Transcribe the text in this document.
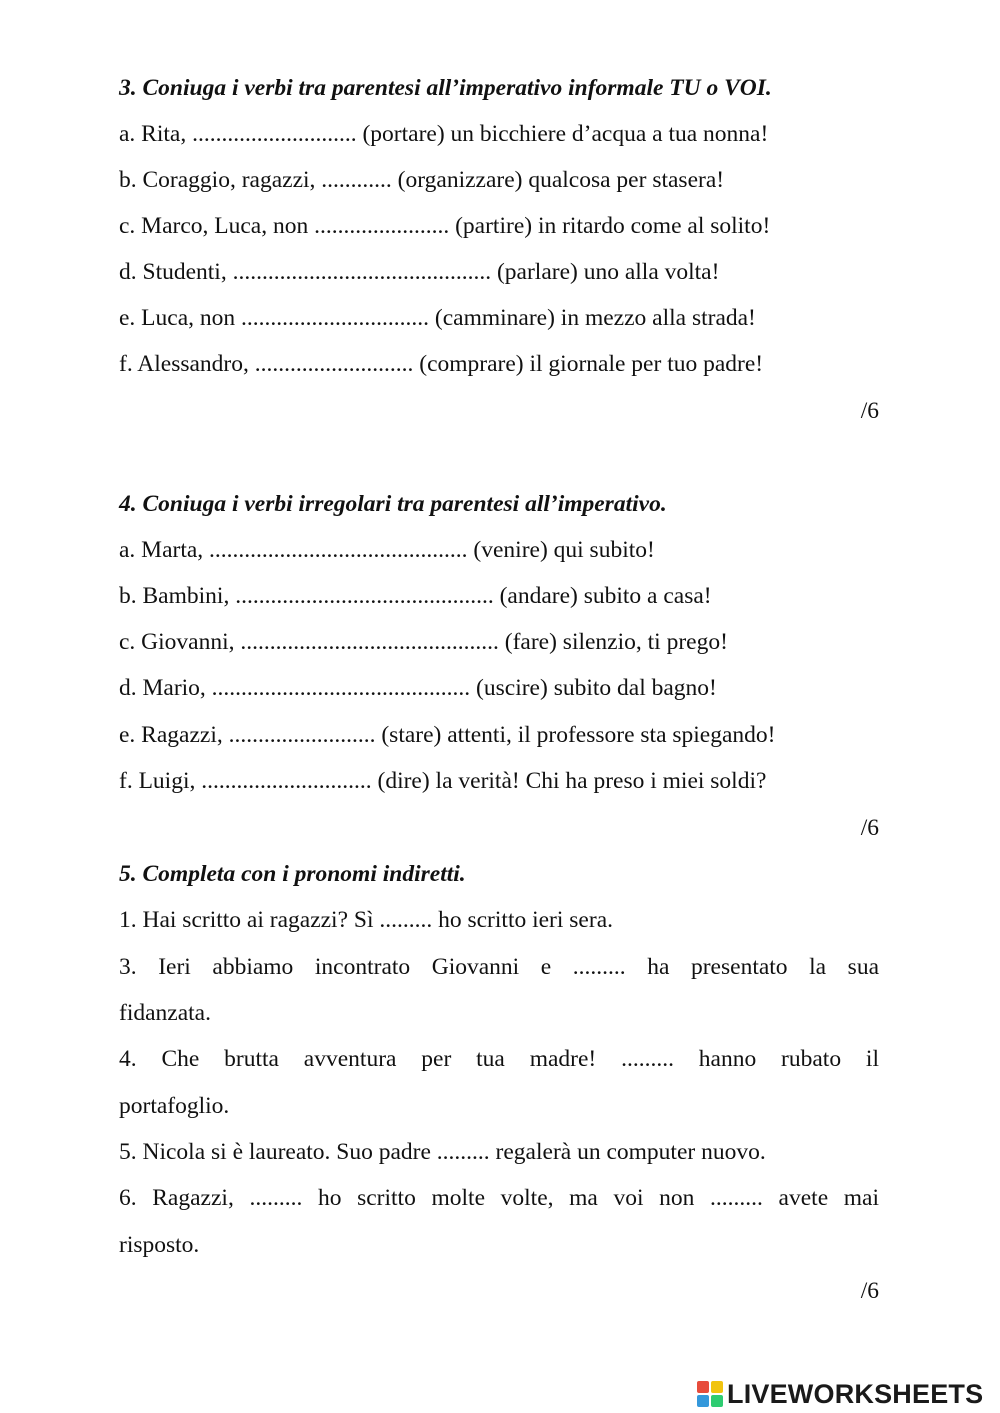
3. Coniuga i verbi tra parentesi all’imperativo informale TU o VOI.
a. Rita, ............................ (portare) un bicchiere d’acqua a tua nonna!
b. Coraggio, ragazzi, ............ (organizzare) qualcosa per stasera!
c. Marco, Luca, non ....................... (partire) in ritardo come al solito!
d. Studenti, ............................................ (parlare) uno alla volta!
e. Luca, non ................................ (camminare) in mezzo alla strada!
f. Alessandro, ........................... (comprare) il giornale per tuo padre!
/6
4. Coniuga i verbi irregolari tra parentesi all’imperativo.
a. Marta, ............................................ (venire) qui subito!
b. Bambini, ............................................ (andare) subito a casa!
c. Giovanni, ............................................ (fare) silenzio, ti prego!
d. Mario, ............................................ (uscire) subito dal bagno!
e. Ragazzi, ......................... (stare) attenti, il professore sta spiegando!
f. Luigi, ............................. (dire) la verità! Chi ha preso i miei soldi?
/6
5. Completa con i pronomi indiretti.
1. Hai scritto ai ragazzi? Sì ......... ho scritto ieri sera.
3. Ieri abbiamo incontrato Giovanni e ......... ha presentato la sua
fidanzata.
4. Che brutta avventura per tua madre! ......... hanno rubato il
portafoglio.
5. Nicola si è laureato. Suo padre ......... regalerà un computer nuovo.
6. Ragazzi, ......... ho scritto molte volte, ma voi non ......... avete mai
risposto.
/6
LIVEWORKSHEETS
